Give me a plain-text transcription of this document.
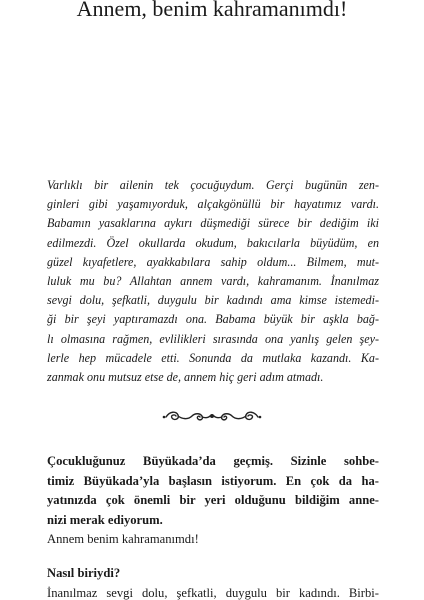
Annem, benim kahramanımdı!
Varlıklı bir ailenin tek çocuğuydum. Gerçi bugünün zen-
ginleri gibi yaşamıyorduk, alçakgönüllü bir hayatımız vardı.
Babamın yasaklarına aykırı düşmediği sürece bir dediğim iki
edilmezdi. Özel okullarda okudum, bakıcılarla büyüdüm, en
güzel kıyafetlere, ayakkabılara sahip oldum... Bilmem, mut-
luluk mu bu? Allahtan annem vardı, kahramanım. İnanılmaz
sevgi dolu, şefkatli, duygulu bir kadındı ama kimse istemedi-
ği bir şeyi yaptıramazdı ona. Babama büyük bir aşkla bağ-
lı olmasına rağmen, evlilikleri sırasında ona yanlış gelen şey-
lerle hep mücadele etti. Sonunda da mutlaka kazandı. Ka-
zanmak onu mutsuz etse de, annem hiç geri adım atmadı.
Çocukluğunuz Büyükada’da geçmiş. Sizinle sohbe-
timiz Büyükada’yla başlasın istiyorum. En çok da ha-
yatınızda çok önemli bir yeri olduğunu bildiğim anne-
nizi merak ediyorum.
Annem benim kahramanımdı!
Nasıl biriydi?
İnanılmaz sevgi dolu, şefkatli, duygulu bir kadındı. Birbi-
